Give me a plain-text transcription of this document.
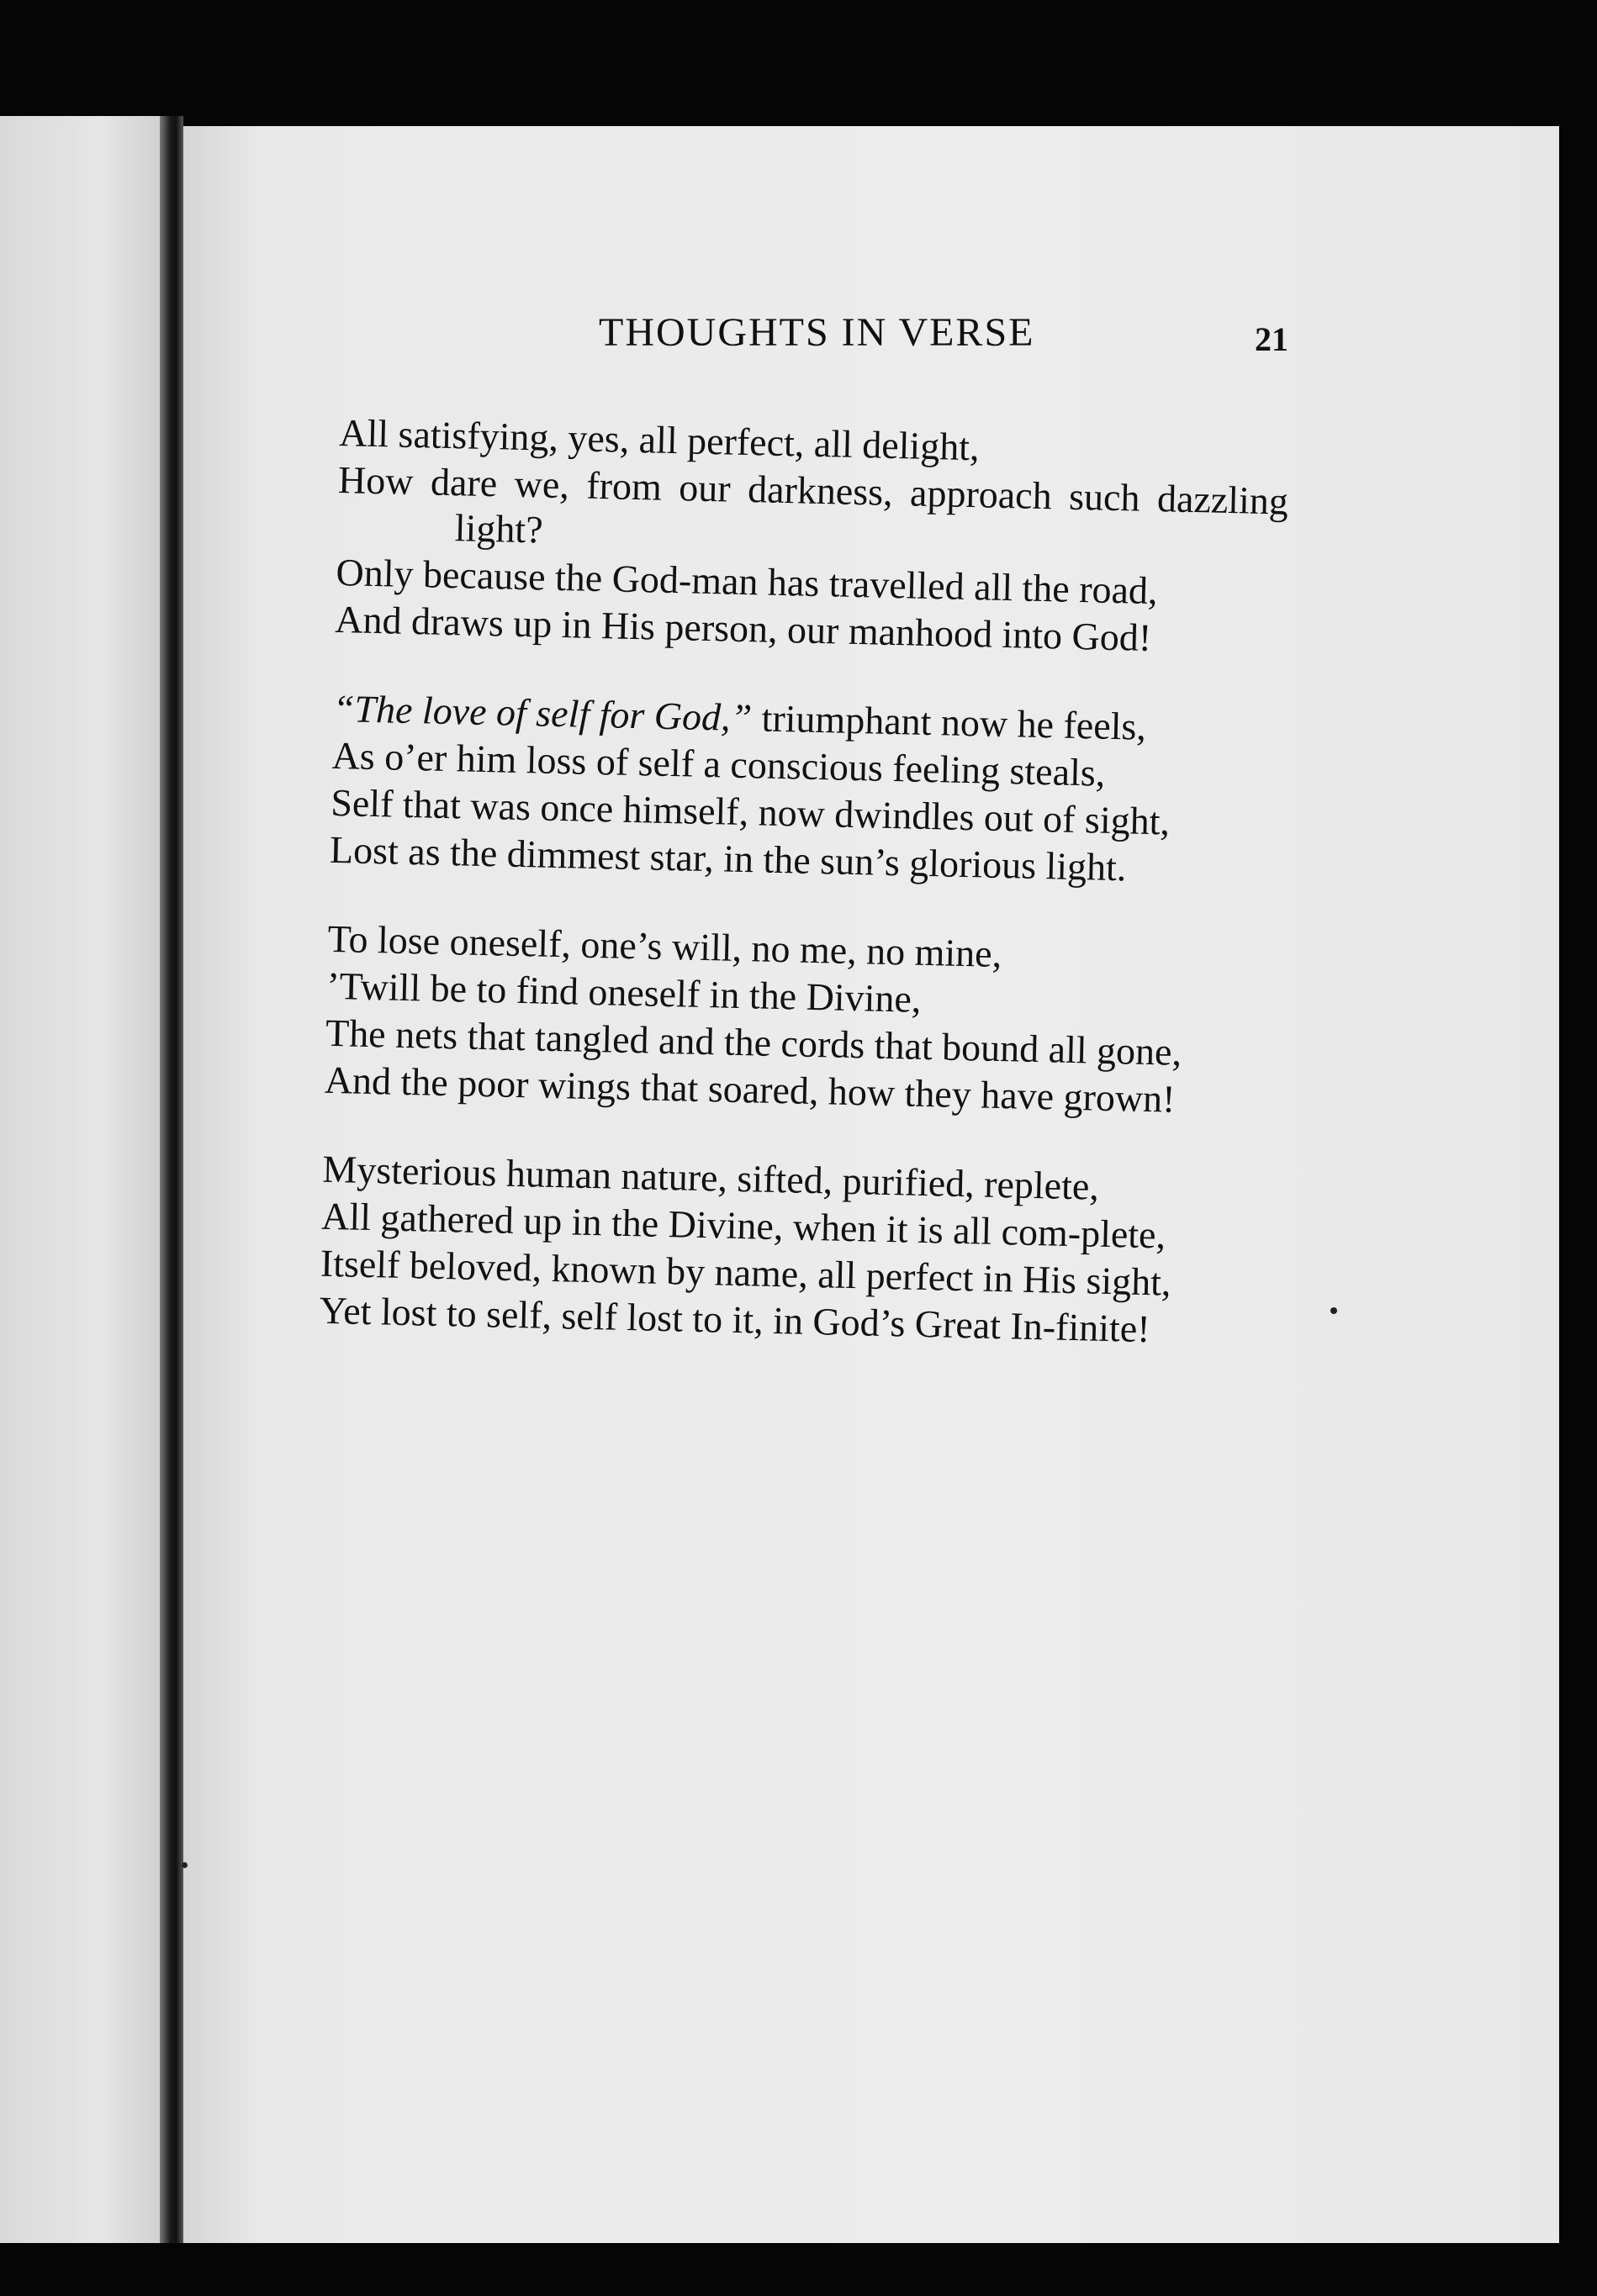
THOUGHTS IN VERSE	21
All satisfying, yes, all perfect, all delight,
How dare we, from our darkness, approach such dazzling light?
Only because the God-man has travelled all the road,
And draws up in His person, our manhood into God!
“The love of self for God,” triumphant now he feels,
As o’er him loss of self a conscious feeling steals,
Self that was once himself, now dwindles out of sight,
Lost as the dimmest star, in the sun’s glorious light.
To lose oneself, one’s will, no me, no mine,
’Twill be to find oneself in the Divine,
The nets that tangled and the cords that bound all gone,
And the poor wings that soared, how they have grown!
Mysterious human nature, sifted, purified, replete,
All gathered up in the Divine, when it is all com-plete,
Itself beloved, known by name, all perfect in His sight,
Yet lost to self, self lost to it, in God’s Great In-finite!
